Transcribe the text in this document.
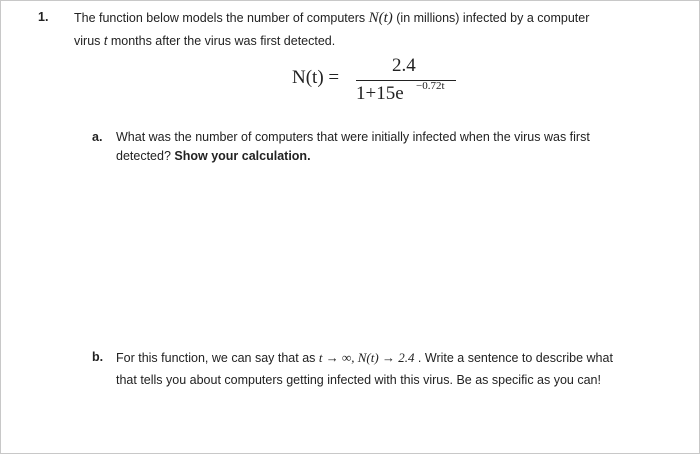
1. The function below models the number of computers N(t) (in millions) infected by a computer
virus t months after the virus was first detected.
N(t) =
2.4
1+15e −0.72t
a. What was the number of computers that were initially infected when the virus was first
detected? Show your calculation.
b. For this function, we can say that as t → ∞, N(t) → 2.4 . Write a sentence to describe what
that tells you about computers getting infected with this virus. Be as specific as you can!
